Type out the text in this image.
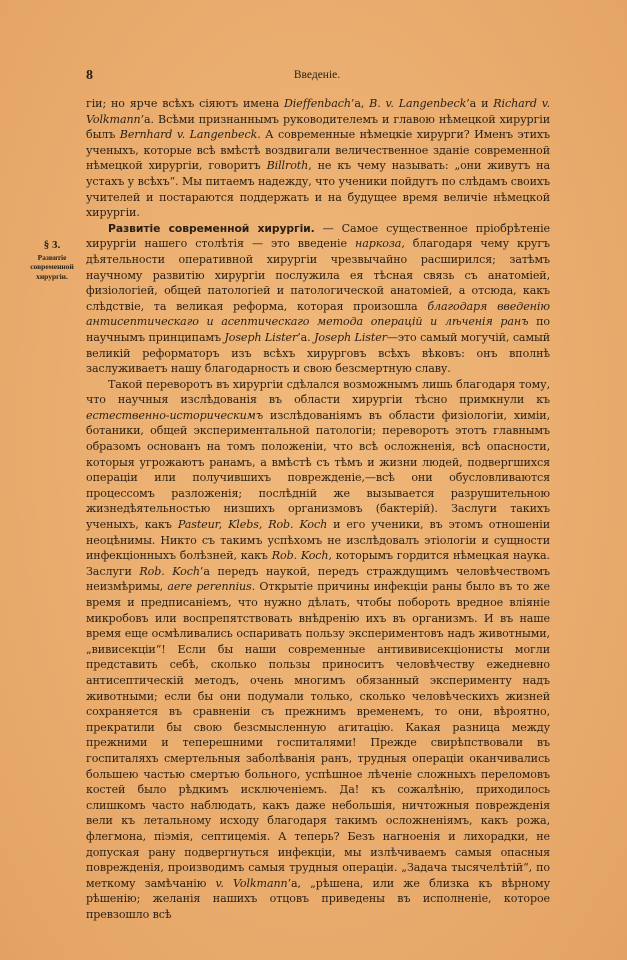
8	Введеніе.
§ 3.
Развитіе современной хирургіи.

гіи; но ярче всѣхъ сіяютъ имена Dieffenbach’а, B. v. Langenbeck’а и Richard v. Volkmann’а. Всѣми признаннымъ руководителемъ и главою нѣмецкой хирургіи былъ Bernhard v. Langenbeck. А современные нѣмецкіе хирурги? Именъ этихъ ученыхъ, которые всѣ вмѣстѣ воздвигали величественное зданіе современной нѣмецкой хирургіи, говоритъ Billroth, не къ чему называть: „они живутъ на устахъ у всѣхъ“. Мы питаемъ надежду, что ученики пойдутъ по слѣдамъ своихъ учителей и постараются поддержать и на будущее время величіе нѣмецкой хирургіи.

Развитіе современной хирургіи. — Самое существенное пріобрѣтеніе хирургіи нашего столѣтія — это введеніе наркоза, благодаря чему кругъ дѣятельности оперативной хирургіи чрезвычайно расширился; затѣмъ научному развитію хирургіи послужила ея тѣсная связь съ анатоміей, физіологіей, общей патологіей и патологической анатоміей, а отсюда, какъ слѣдствіе, та великая реформа, которая произошла благодаря введенію антисептическаго и асептическаго метода операцій и лѣченія ранъ по научнымъ принципамъ Joseph Lister’а. Joseph Lister—это самый могучій, самый великій реформаторъ изъ всѣхъ хирурговъ всѣхъ вѣковъ: онъ вполнѣ заслуживаетъ нашу благодарность и свою безсмертную славу.

Такой переворотъ въ хирургіи сдѣлался возможнымъ лишь благодаря тому, что научныя изслѣдованія въ области хирургіи тѣсно примкнули къ естественно-историческимъ изслѣдованіямъ въ области физіологіи, химіи, ботаники, общей экспериментальной патологіи; переворотъ этотъ главнымъ образомъ основанъ на томъ положеніи, что всѣ осложненія, всѣ опасности, которыя угрожаютъ ранамъ, а вмѣстѣ съ тѣмъ и жизни людей, подвергшихся операціи или получившихъ поврежденіе,—всѣ они обусловливаются процессомъ разложенія; послѣдній же вызывается разрушительною жизнедѣятельностью низшихъ организмовъ (бактерій). Заслуги такихъ ученыхъ, какъ Pasteur, Klebs, Rob. Koch и его ученики, въ этомъ отношеніи неоцѣнимы. Никто съ такимъ успѣхомъ не изслѣдовалъ этіологіи и сущности инфекціонныхъ болѣзней, какъ Rob. Koch, которымъ гордится нѣмецкая наука. Заслуги Rob. Koch’а передъ наукой, передъ страждущимъ человѣчествомъ неизмѣримы, aere perennius. Открытіе причины инфекціи раны было въ то же время и предписаніемъ, что нужно дѣлать, чтобы побороть вредное вліяніе микробовъ или воспрепятствовать внѣдренію ихъ въ организмъ. И въ наше время еще осмѣливались оспаривать пользу экспериментовъ надъ животными, „вивисекціи“! Если бы наши современные антививисекціонисты могли представить себѣ, сколько пользы приноситъ человѣчеству ежедневно антисептическій методъ, очень многимъ обязанный эксперименту надъ животными; если бы они подумали только, сколько человѣческихъ жизней сохраняется въ сравненіи съ прежнимъ временемъ, то они, вѣроятно, прекратили бы свою безсмысленную агитацію. Какая разница между прежними и теперешними госпиталями! Прежде свирѣпствовали въ госпиталяхъ смертельныя заболѣванія ранъ, трудныя операціи оканчивались большею частью смертью больного, успѣшное лѣченіе сложныхъ переломовъ костей было рѣдкимъ исключеніемъ. Да! къ сожалѣнію, приходилось слишкомъ часто наблюдать, какъ даже небольшія, ничтожныя поврежденія вели къ летальному исходу благодаря такимъ осложненіямъ, какъ рожа, флегмона, піэмія, септицемія. А теперь? Безъ нагноенія и лихорадки, не допуская рану подвергнуться инфекціи, мы излѣчиваемъ самыя опасныя поврежденія, производимъ самыя трудныя операціи. „Задача тысячелѣтій“, по меткому замѣчанію v. Volkmann’а, „рѣшена, или же близка къ вѣрному рѣшенію; желанія нашихъ отцовъ приведены въ исполненіе, которое превзошло всѣ
